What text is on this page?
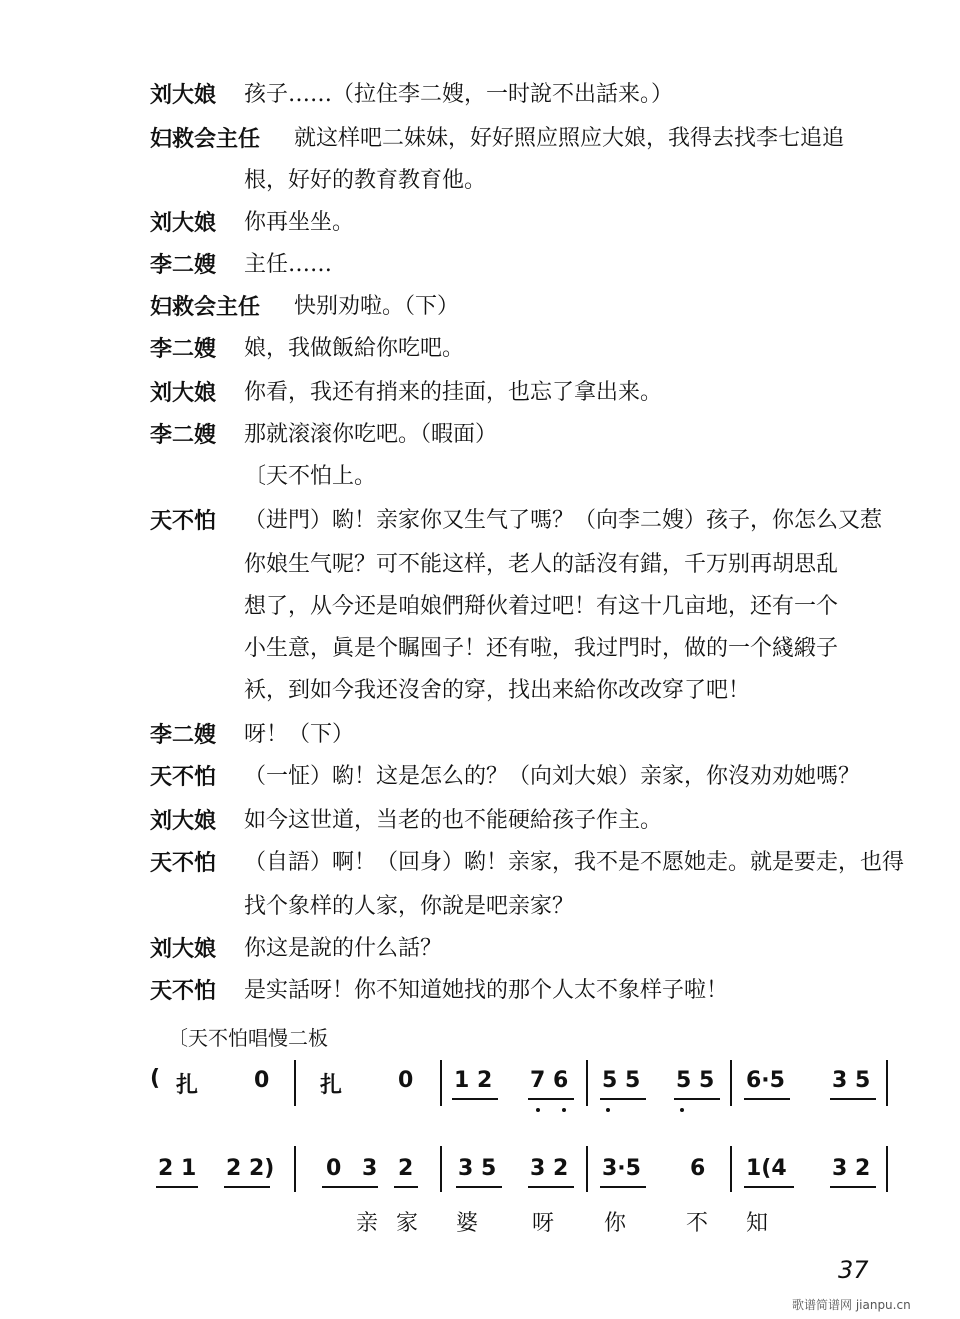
刘大娘 孩子……（拉住李二嫂，一时說不出話来。）
妇救会主任 就这样吧二妹妹，好好照应照应大娘，我得去找李七追追
根，好好的教育教育他。
刘大娘 你再坐坐。
李二嫂 主任……
妇救会主任 快别劝啦。（下）
李二嫂 娘，我做飯給你吃吧。
刘大娘 你看，我还有捎来的挂面，也忘了拿出来。
李二嫂 那就滚滚你吃吧。（暇面）
〔天不怕上。
天不怕 （进門）喲！亲家你又生气了嗎？（向李二嫂）孩子，你怎么又惹
你娘生气呢？可不能这样，老人的話沒有錯，千万别再胡思乱
想了，从今还是咱娘們搿伙着过吧！有这十几亩地，还有一个
小生意，眞是个瞩囤子！还有啦，我过門时，做的一个綫緞子
袄，到如今我还沒舍的穿，找出来給你改改穿了吧！
李二嫂 呀！（下）
天不怕 （一怔）喲！这是怎么的？（向刘大娘）亲家，你沒劝劝她嗎？
刘大娘 如今这世道，当老的也不能硬給孩子作主。
天不怕 （自語）啊！（回身）喲！亲家，我不是不愿她走。就是要走，也得
找个象样的人家，你說是吧亲家？
刘大娘 你这是說的什么話？
天不怕 是实話呀！你不知道她找的那个人太不象样子啦！
〔天不怕唱慢二板
( 扎	0 扎	0 1 2 7 6 5 5 5 5 6·5 3 5
2 1 2 2) 0 3 2 3 5 3 2 3·5 6 1(4 3 2
亲 家 婆 呀 你	不 知
37
歌谱简谱网 jianpu.cn
